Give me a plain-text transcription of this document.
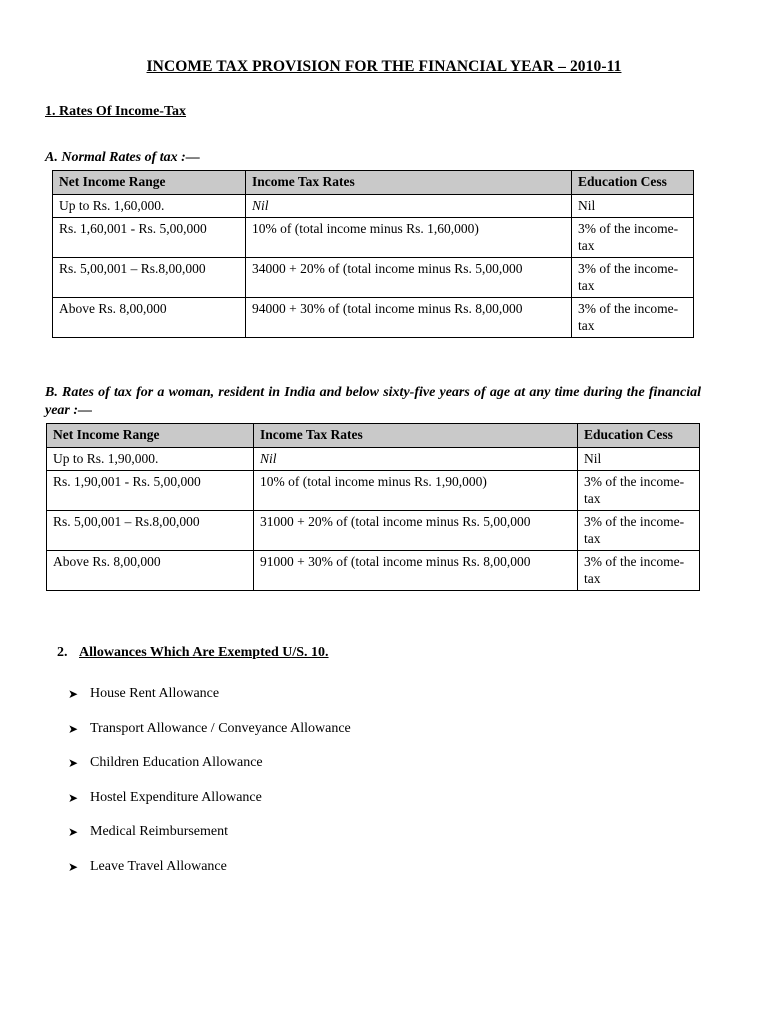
INCOME TAX PROVISION FOR THE FINANCIAL YEAR – 2010-11
1. Rates Of Income-Tax
A. Normal Rates of tax :—
Net Income Range	Income Tax Rates	Education Cess
Up to Rs. 1,60,000.	Nil	Nil
Rs. 1,60,001 - Rs. 5,00,000	10% of (total income minus Rs. 1,60,000)	3% of the income-tax
Rs. 5,00,001 – Rs.8,00,000	34000 + 20% of (total income minus Rs. 5,00,000	3% of the income-tax
Above Rs. 8,00,000	94000 + 30% of (total income minus Rs. 8,00,000	3% of the income-tax
B. Rates of tax for a woman, resident in India and below sixty-five years of age at any time during the financial year :—
Net Income Range	Income Tax Rates	Education Cess
Up to Rs. 1,90,000.	Nil	Nil
Rs. 1,90,001 - Rs. 5,00,000	10% of (total income minus Rs. 1,90,000)	3% of the income-tax
Rs. 5,00,001 – Rs.8,00,000	31000 + 20% of (total income minus Rs. 5,00,000	3% of the income-tax
Above Rs. 8,00,000	91000 + 30% of (total income minus Rs. 8,00,000	3% of the income-tax
2. Allowances Which Are Exempted U/S. 10.
➤ House Rent Allowance
➤ Transport Allowance / Conveyance Allowance
➤ Children Education Allowance
➤ Hostel Expenditure Allowance
➤ Medical Reimbursement
➤ Leave Travel Allowance
